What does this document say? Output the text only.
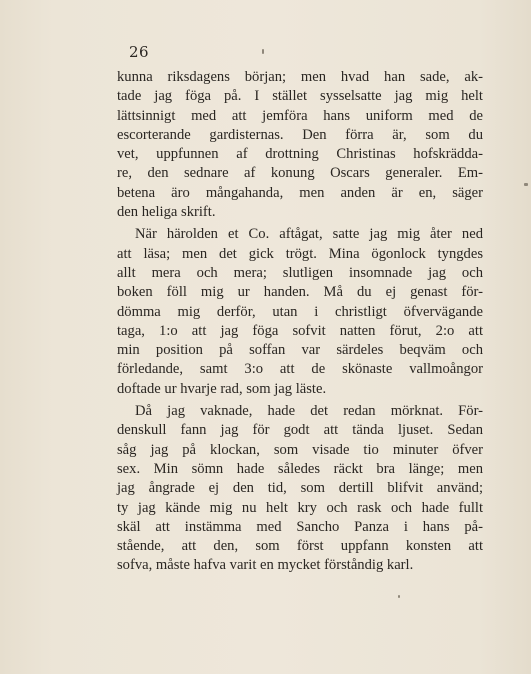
26
kunna riksdagens början; men hvad han sade, ak-
tade jag föga på. I stället sysselsatte jag mig helt
lättsinnigt med att jemföra hans uniform med de
escorterande gardisternas. Den förra är, som du
vet, uppfunnen af drottning Christinas hofskrädda-
re, den sednare af konung Oscars generaler. Em-
betena äro mångahanda, men anden är en, säger
den heliga skrift.
När härolden et Co. aftågat, satte jag mig åter ned
att läsa; men det gick trögt. Mina ögonlock tyngdes
allt mera och mera; slutligen insomnade jag och
boken föll mig ur handen. Må du ej genast för-
dömma mig derför, utan i christligt öfvervägande
taga, 1:o att jag föga sofvit natten förut, 2:o att
min position på soffan var särdeles beqväm och
förledande, samt 3:o att de skönaste vallmoångor
doftade ur hvarje rad, som jag läste.
Då jag vaknade, hade det redan mörknat. För-
denskull fann jag för godt att tända ljuset. Sedan
såg jag på klockan, som visade tio minuter öfver
sex. Min sömn hade således räckt bra länge; men
jag ångrade ej den tid, som dertill blifvit använd;
ty jag kände mig nu helt kry och rask och hade fullt
skäl att instämma med Sancho Panza i hans på-
stående, att den, som först uppfann konsten att
sofva, måste hafva varit en mycket förståndig karl.
